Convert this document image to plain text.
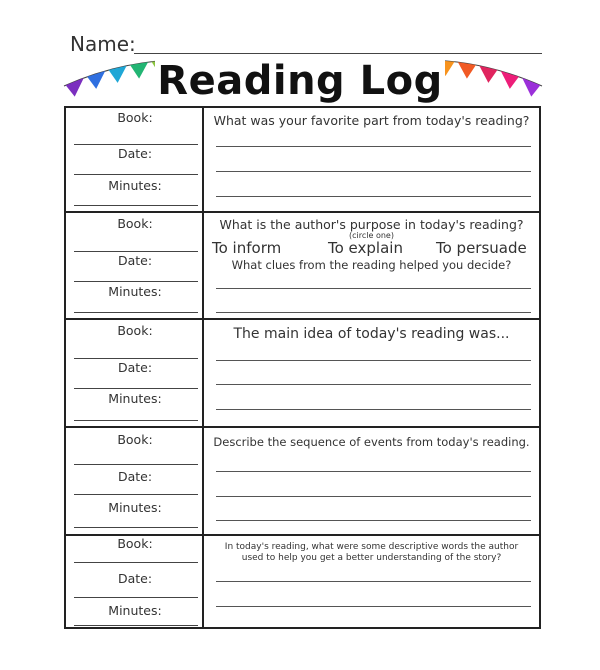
Name:
Reading Log
Book:
Date:
Minutes:
What was your favorite part from today's reading?
Book:
Date:
Minutes:
What is the author's purpose in today's reading?
(circle one)
To inform	To explain To persuade
What clues from the reading helped you decide?
Book:
Date:
Minutes:
The main idea of today's reading was...
Book:
Date:
Minutes:
Describe the sequence of events from today's reading.
Book:
Date:
Minutes:
In today's reading, what were some descriptive words the author used to help you get a better understanding of the story?
